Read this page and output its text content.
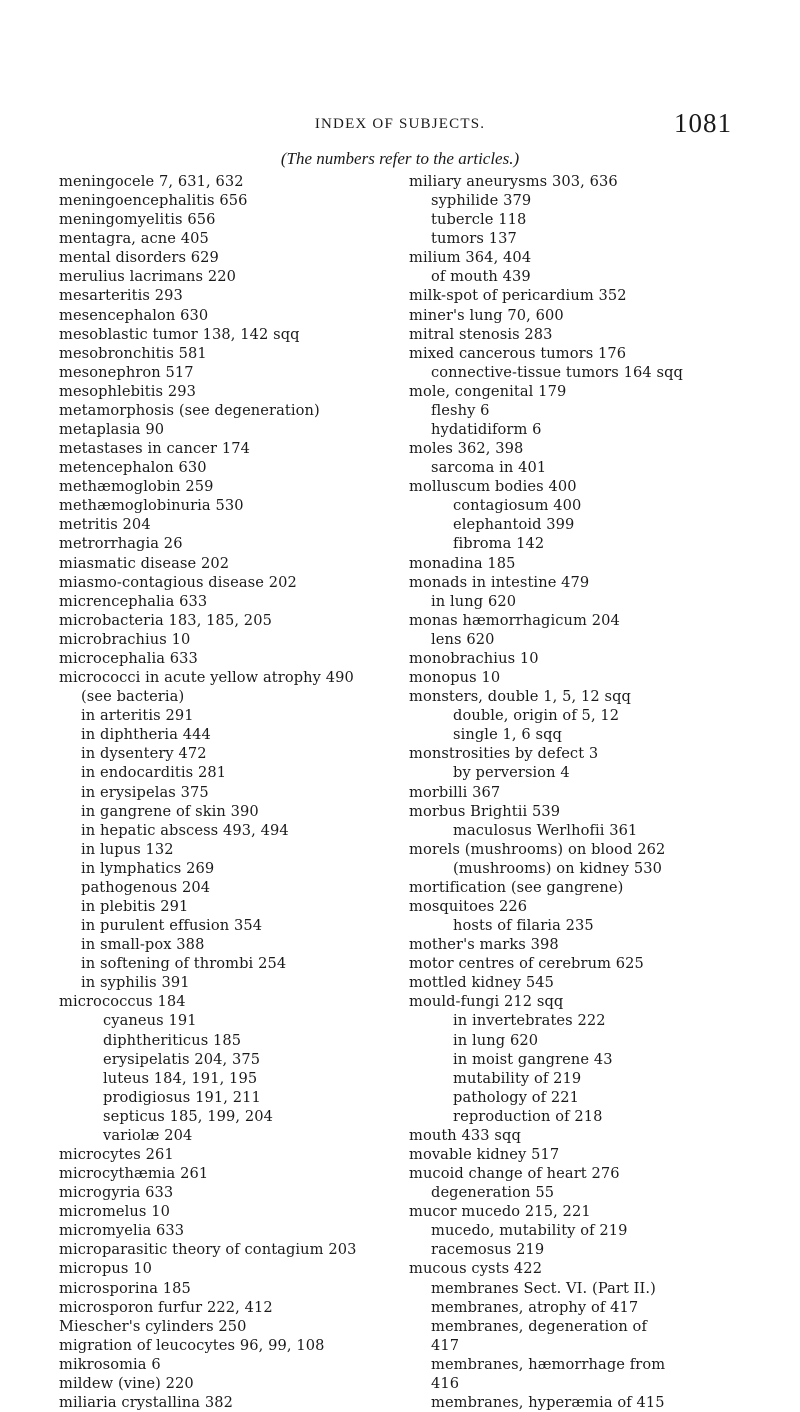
INDEX OF SUBJECTS.	1081
(The numbers refer to the articles.)
meningocele 7, 631, 632
meningoencephalitis 656
meningomyelitis 656
mentagra, acne 405
mental disorders 629
merulius lacrimans 220
mesarteritis 293
mesencephalon 630
mesoblastic tumor 138, 142 sqq
mesobronchitis 581
mesonephron 517
mesophlebitis 293
metamorphosis (see degeneration)
metaplasia 90
metastases in cancer 174
metencephalon 630
methæmoglobin 259
methæmoglobinuria 530
metritis 204
metrorrhagia 26
miasmatic disease 202
miasmo-contagious disease 202
micrencephalia 633
microbacteria 183, 185, 205
microbrachius 10
microcephalia 633
micrococci in acute yellow atrophy 490
(see bacteria)
in arteritis 291
in diphtheria 444
in dysentery 472
in endocarditis 281
in erysipelas 375
in gangrene of skin 390
in hepatic abscess 493, 494
in lupus 132
in lymphatics 269
pathogenous 204
in plebitis 291
in purulent effusion 354
in small-pox 388
in softening of thrombi 254
in syphilis 391
micrococcus 184
cyaneus 191
diphtheriticus 185
erysipelatis 204, 375
luteus 184, 191, 195
prodigiosus 191, 211
septicus 185, 199, 204
variolæ 204
microcytes 261
microcythæmia 261
microgyria 633
micromelus 10
micromyelia 633
microparasitic theory of contagium 203
micropus 10
microsporina 185
microsporon furfur 222, 412
Miescher's cylinders 250
migration of leucocytes 96, 99, 108
mikrosomia 6
mildew (vine) 220
miliaria crystallina 382
miliary aneurysms 303, 636
syphilide 379
tubercle 118
tumors 137
milium 364, 404
of mouth 439
milk-spot of pericardium 352
miner's lung 70, 600
mitral stenosis 283
mixed cancerous tumors 176
connective-tissue tumors 164 sqq
mole, congenital 179
fleshy 6
hydatidiform 6
moles 362, 398
sarcoma in 401
molluscum bodies 400
contagiosum 400
elephantoid 399
fibroma 142
monadina 185
monads in intestine 479
in lung 620
monas hæmorrhagicum 204
lens 620
monobrachius 10
monopus 10
monsters, double 1, 5, 12 sqq
double, origin of 5, 12
single 1, 6 sqq
monstrosities by defect 3
by perversion 4
morbilli 367
morbus Brightii 539
maculosus Werlhofii 361
morels (mushrooms) on blood 262
(mushrooms) on kidney 530
mortification (see gangrene)
mosquitoes 226
hosts of filaria 235
mother's marks 398
motor centres of cerebrum 625
mottled kidney 545
mould-fungi 212 sqq
in invertebrates 222
in lung 620
in moist gangrene 43
mutability of 219
pathology of 221
reproduction of 218
mouth 433 sqq
movable kidney 517
mucoid change of heart 276
degeneration 55
mucor mucedo 215, 221
mucedo, mutability of 219
racemosus 219
mucous cysts 422
membranes Sect. VI. (Part II.)
membranes, atrophy of 417
membranes, degeneration of
417
membranes, hæmorrhage from
416
membranes, hyperæmia of 415
